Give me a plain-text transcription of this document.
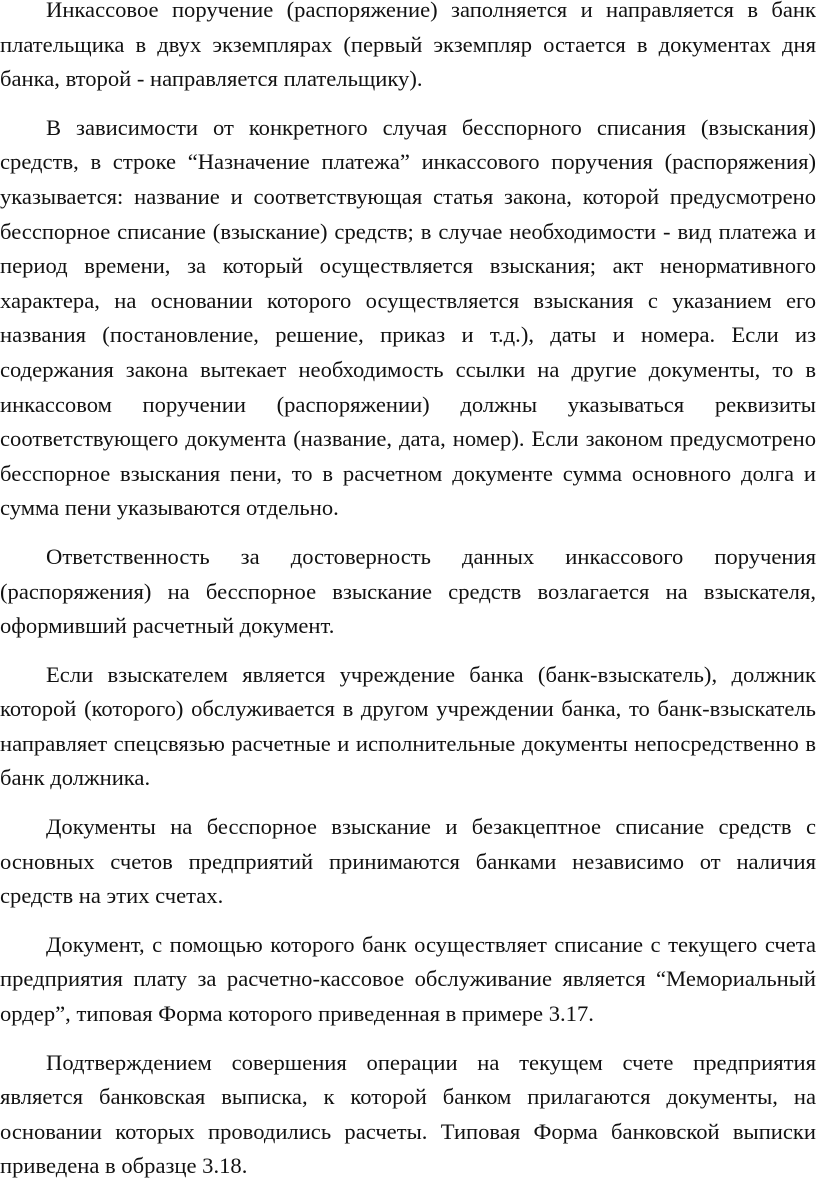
Инкассовое поручение (распоряжение) заполняется и направляется в банк плательщика в двух экземплярах (первый экземпляр остается в документах дня банка, второй - направляется плательщику).

В зависимости от конкретного случая бесспорного списания (взыскания) средств, в строке “Назначение платежа” инкассового поручения (распоряжения) указывается: название и соответствующая статья закона, которой предусмотрено бесспорное списание (взыскание) средств; в случае необходимости - вид платежа и период времени, за который осуществляется взыскания; акт ненормативного характера, на основании которого осуществляется взыскания с указанием его названия (постановление, решение, приказ и т.д.), даты и номера. Если из содержания закона вытекает необходимость ссылки на другие документы, то в инкассовом поручении (распоряжении) должны указываться реквизиты соответствующего документа (название, дата, номер). Если законом предусмотрено бесспорное взыскания пени, то в расчетном документе сумма основного долга и сумма пени указываются отдельно.

Ответственность за достоверность данных инкассового поручения (распоряжения) на бесспорное взыскание средств возлагается на взыскателя, оформивший расчетный документ.

Если взыскателем является учреждение банка (банк-взыскатель), должник которой (которого) обслуживается в другом учреждении банка, то банк-взыскатель направляет спецсвязью расчетные и исполнительные документы непосредственно в банк должника.

Документы на бесспорное взыскание и безакцептное списание средств с основных счетов предприятий принимаются банками независимо от наличия средств на этих счетах.

Документ, с помощью которого банк осуществляет списание с текущего счета предприятия плату за расчетно-кассовое обслуживание является “Мемориальный ордер”, типовая Форма которого приведенная в примере 3.17.

Подтверждением совершения операции на текущем счете предприятия является банковская выписка, к которой банком прилагаются документы, на основании которых проводились расчеты. Типовая Форма банковской выписки приведена в образце 3.18.
